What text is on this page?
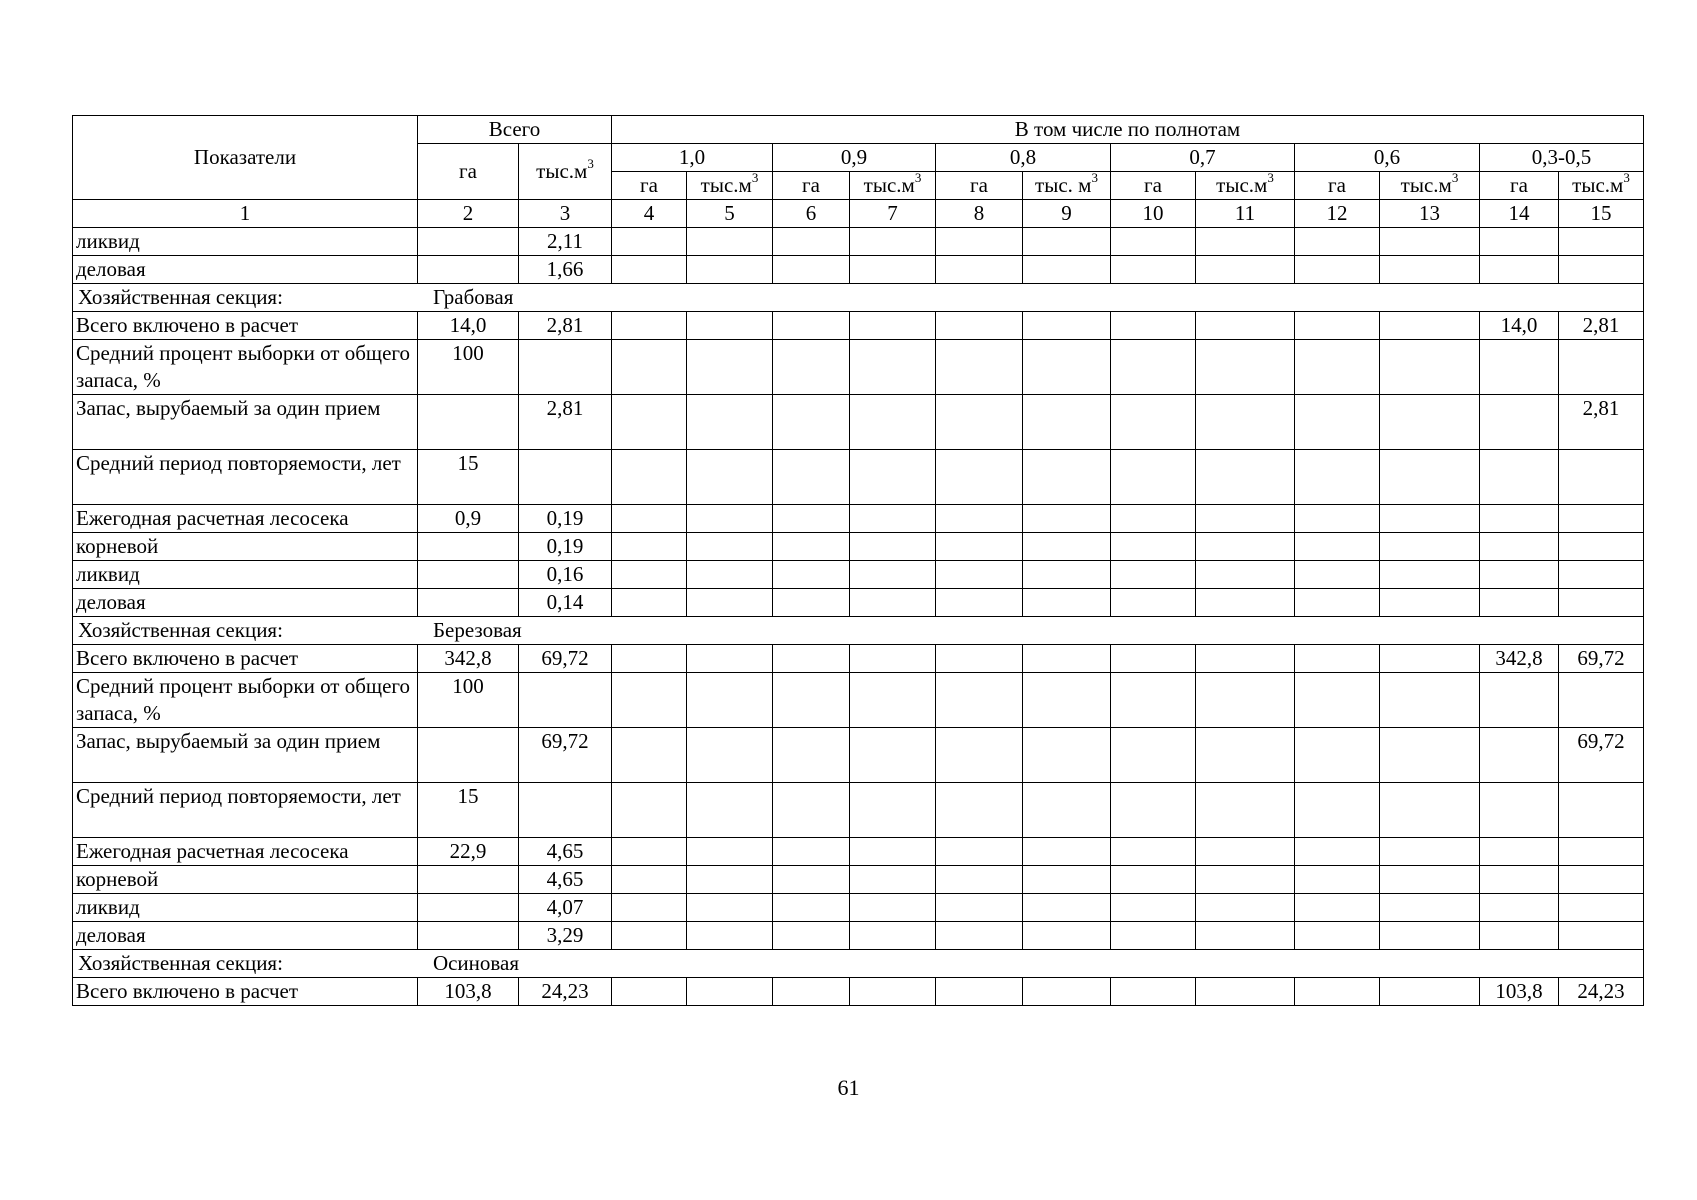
Показатели	Всего		В том числе по полнотам											
	га	$тыс.м^3$	1,0		0,9		0,8		0,7		0,6		0,3-0,5	
			га	$тыс.м^3$	га	$тыс.м^3$	га	тыс. $м^3$	га	$тыс.м^3$	га	$тыс.м^3$	га	$тыс.м^3$
1	2	3	4	5	6	7	8	9	10	11	12	13	14	15
ликвид		2,11												
деловая		1,66												
Хозяйственная секция: Грабовая														
Всего включено в расчет	14,0	2,81											14,0	2,81
Средний процент выборки от общего запаса, %	100													
Запас, вырубаемый за один прием		2,81												2,81
Средний период повторяемости, лет	15													
Ежегодная расчетная лесосека	0,9	0,19												
корневой		0,19												
ликвид		0,16												
деловая		0,14												
Хозяйственная секция: Березовая														
Всего включено в расчет	342,8	69,72											342,8	69,72
Средний процент выборки от общего запаса, %	100													
Запас, вырубаемый за один прием		69,72												69,72
Средний период повторяемости, лет	15													
Ежегодная расчетная лесосека	22,9	4,65												
корневой		4,65												
ликвид		4,07												
деловая		3,29												
Хозяйственная секция: Осиновая														
Всего включено в расчет	103,8	24,23											103,8	24,23
61
